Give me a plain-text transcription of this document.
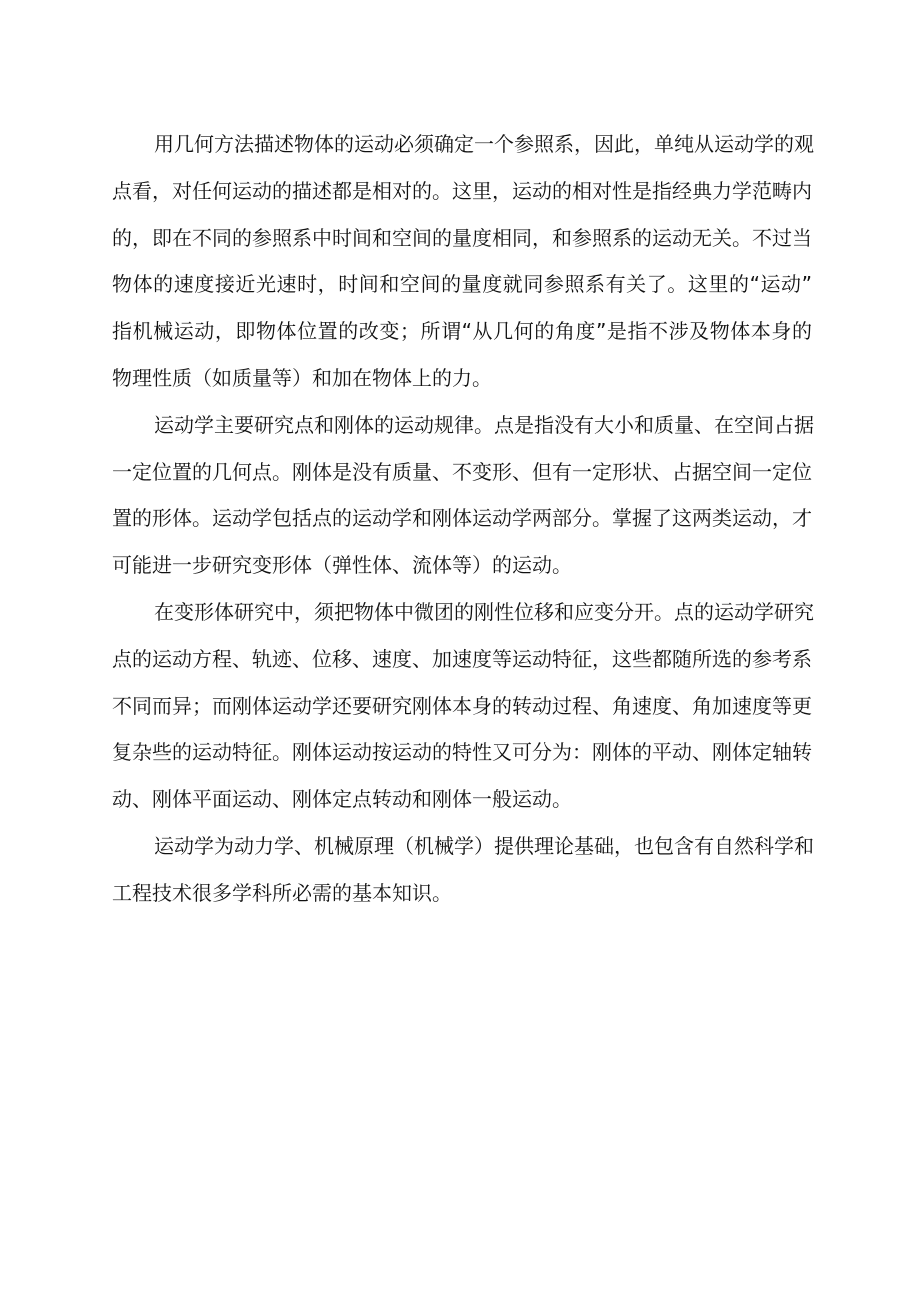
用几何方法描述物体的运动必须确定一个参照系，因此，单纯从运动学的观
点看，对任何运动的描述都是相对的。这里，运动的相对性是指经典力学范畴内
的，即在不同的参照系中时间和空间的量度相同，和参照系的运动无关。不过当
物体的速度接近光速时，时间和空间的量度就同参照系有关了。这里的“运动”
指机械运动，即物体位置的改变；所谓“从几何的角度”是指不涉及物体本身的
物理性质（如质量等）和加在物体上的力。
运动学主要研究点和刚体的运动规律。点是指没有大小和质量、在空间占据
一定位置的几何点。刚体是没有质量、不变形、但有一定形状、占据空间一定位
置的形体。运动学包括点的运动学和刚体运动学两部分。掌握了这两类运动，才
可能进一步研究变形体（弹性体、流体等）的运动。
在变形体研究中，须把物体中微团的刚性位移和应变分开。点的运动学研究
点的运动方程、轨迹、位移、速度、加速度等运动特征，这些都随所选的参考系
不同而异；而刚体运动学还要研究刚体本身的转动过程、角速度、角加速度等更
复杂些的运动特征。刚体运动按运动的特性又可分为：刚体的平动、刚体定轴转
动、刚体平面运动、刚体定点转动和刚体一般运动。
运动学为动力学、机械原理（机械学）提供理论基础，也包含有自然科学和
工程技术很多学科所必需的基本知识。
